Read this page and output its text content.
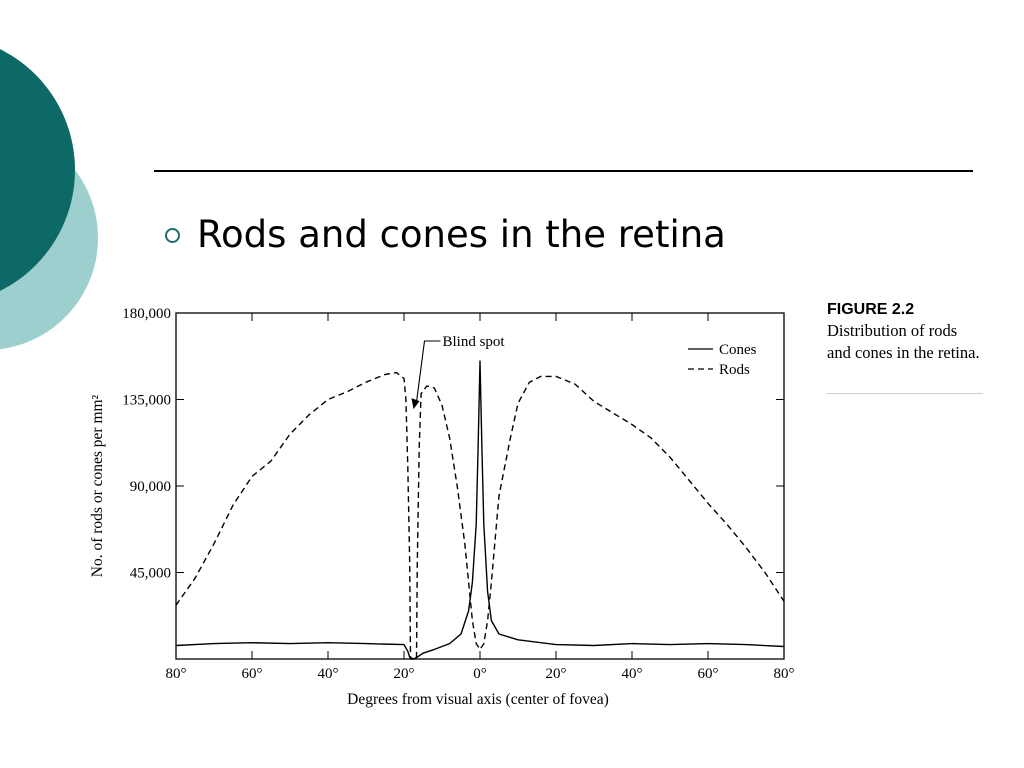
Rods and cones in the retina
80°	60°	40°	20°	0°	20°	40°	60°	80°
45,000
90,000
135,000
180,000
Degrees from visual axis (center of fovea)
No. of rods or cones per mm²
Cones
Rods
Blind spot
FIGURE 2.2
Distribution of rods and cones in the retina.
